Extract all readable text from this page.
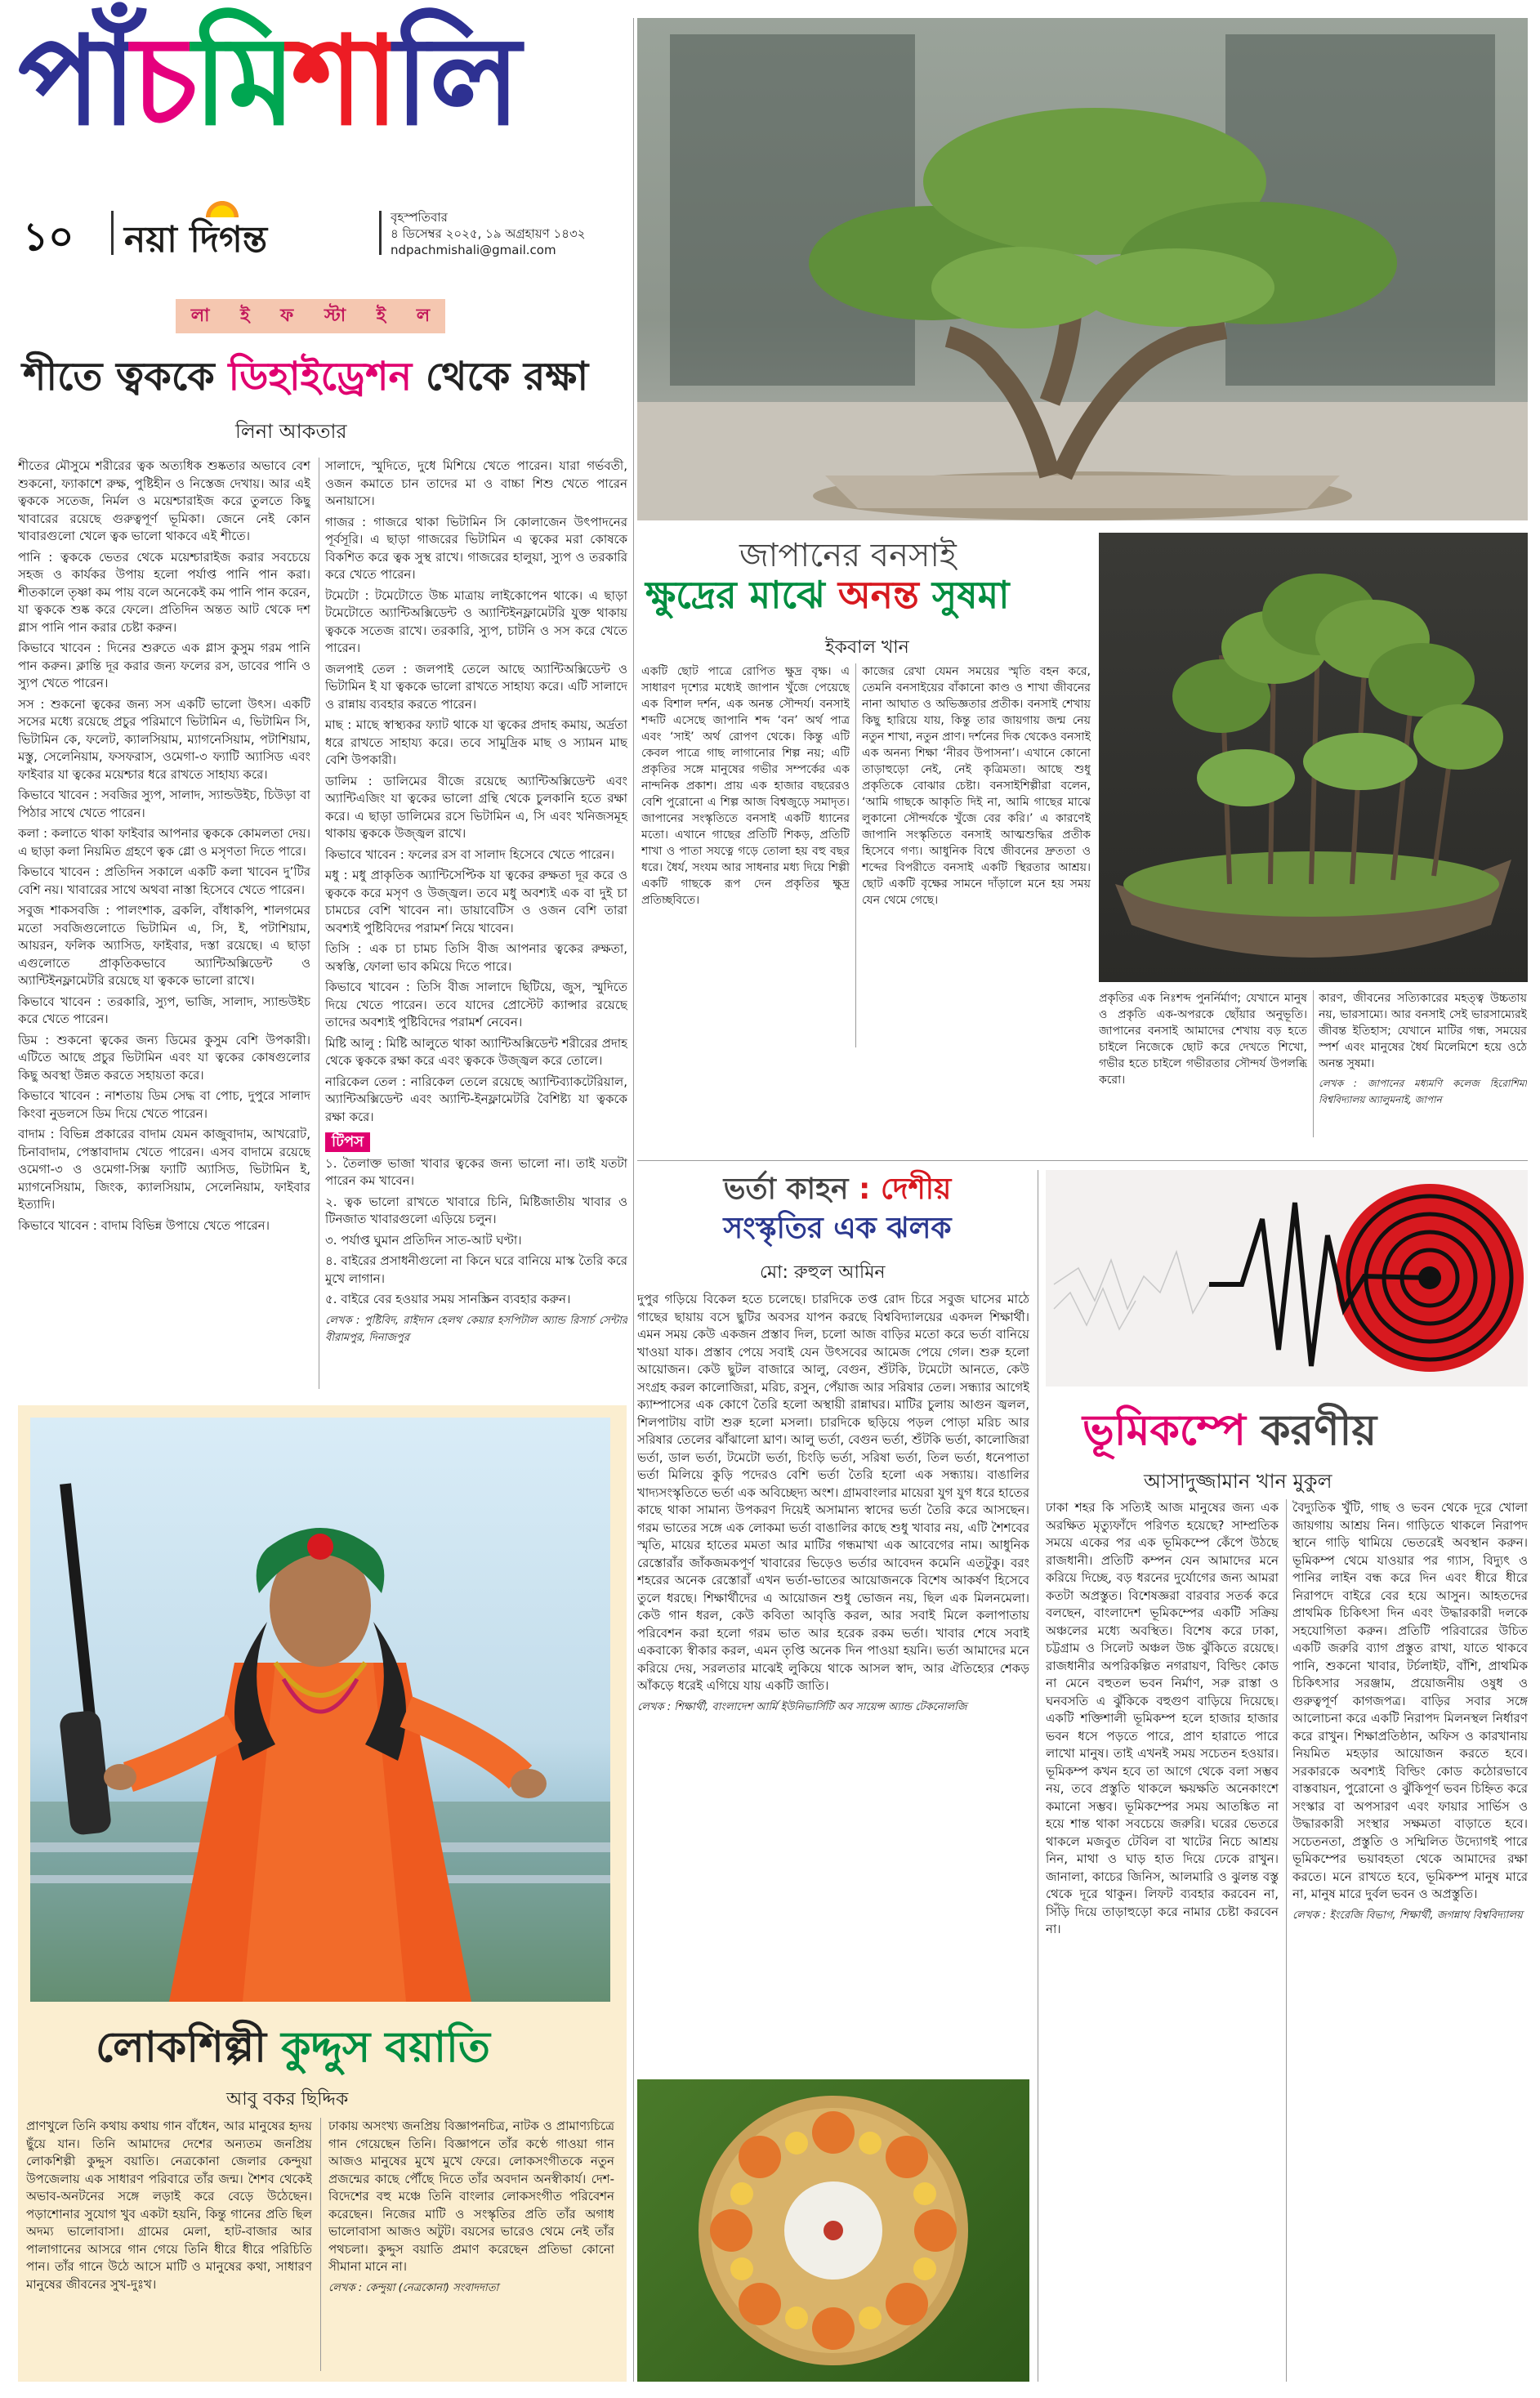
পাঁ চ মি শা লি
১০ নয়া দিগন্ত
বৃহস্পতিবার
৪ ডিসেম্বর ২০২৫, ১৯ অগ্রহায়ণ ১৪৩২
ndpachmishali@gmail.com
লা ই ফ স্টা ই ল
শীতে ত্বককে ডিহাইড্রেশন থেকে রক্ষা
লিনা আকতার

শীতের মৌসুমে শরীরের ত্বক অত্যধিক শুষ্কতার অভাবে বেশ শুকনো, ফ্যাকাশে রুক্ষ, পুষ্টিহীন ও নিস্তেজ দেখায়। আর এই ত্বককে সতেজ, নির্মল ও ময়েশ্চারাইজ করে তুলতে কিছু খাবারের রয়েছে গুরুত্বপূর্ণ ভূমিকা। জেনে নেই কোন খাবারগুলো খেলে ত্বক ভালো থাকবে এই শীতে।

পানি : ত্বককে ভেতর থেকে ময়েশ্চারাইজ করার সবচেয়ে সহজ ও কার্যকর উপায় হলো পর্যাপ্ত পানি পান করা। শীতকালে তৃষ্ণা কম পায় বলে অনেকেই কম পানি পান করেন, যা ত্বককে শুষ্ক করে ফেলে। প্রতিদিন অন্তত আট থেকে দশ গ্লাস পানি পান করার চেষ্টা করুন।

কিভাবে খাবেন : দিনের শুরুতে এক গ্লাস কুসুম গরম পানি পান করুন। ক্লান্তি দূর করার জন্য ফলের রস, ডাবের পানি ও স্যুপ খেতে পারেন।

সস : শুকনো ত্বকের জন্য সস একটি ভালো উৎস। একটি সসের মধ্যে রয়েছে প্রচুর পরিমাণে ভিটামিন এ, ভিটামিন সি, ভিটামিন কে, ফলেট, ক্যালসিয়াম, ম্যাগনেসিয়াম, পটাশিয়াম, মস্তু, সেলেনিয়াম, ফসফরাস, ওমেগা-৩ ফ্যাটি অ্যাসিড এবং ফাইবার যা ত্বকের ময়েশ্চার ধরে রাখতে সাহায্য করে।

কিভাবে খাবেন : সবজির স্যুপ, সালাদ, স্যান্ডউইচ, চিউড়া বা পিঠার সাথে খেতে পারেন।

কলা : কলাতে থাকা ফাইবার আপনার ত্বককে কোমলতা দেয়। এ ছাড়া কলা নিয়মিত গ্রহণে ত্বক গ্লো ও মসৃণতা দিতে পারে।

কিভাবে খাবেন : প্রতিদিন সকালে একটি কলা খাবেন দু’টির বেশি নয়। খাবারের সাথে অথবা নাস্তা হিসেবে খেতে পারেন।

সবুজ শাকসবজি : পালংশাক, ব্রকলি, বাঁধাকপি, শালগমের মতো সবজিগুলোতে ভিটামিন এ, সি, ই, পটাশিয়াম, আয়রন, ফলিক অ্যাসিড, ফাইবার, দস্তা রয়েছে। এ ছাড়া এগুলোতে প্রাকৃতিকভাবে অ্যান্টিঅক্সিডেন্ট ও অ্যান্টিইনফ্লামেটরি রয়েছে যা ত্বককে ভালো রাখে।

কিভাবে খাবেন : তরকারি, স্যুপ, ভাজি, সালাদ, স্যান্ডউইচ করে খেতে পারেন।

ডিম : শুকনো ত্বকের জন্য ডিমের কুসুম বেশি উপকারী। এটিতে আছে প্রচুর ভিটামিন এবং যা ত্বকের কোষগুলোর কিছু অবস্থা উন্নত করতে সহায়তা করে।

কিভাবে খাবেন : নাশতায় ডিম সেদ্ধ বা পোচ, দুপুরে সালাদ কিংবা নুডলসে ডিম দিয়ে খেতে পারেন।

বাদাম : বিভিন্ন প্রকারের বাদাম যেমন কাজুবাদাম, আখরোট, চিনাবাদাম, পেস্তাবাদাম খেতে পারেন। এসব বাদামে রয়েছে ওমেগা-৩ ও ওমেগা-সিক্স ফ্যাটি অ্যাসিড, ভিটামিন ই, ম্যাগনেসিয়াম, জিংক, ক্যালসিয়াম, সেলেনিয়াম, ফাইবার ইত্যাদি।

কিভাবে খাবেন : বাদাম বিভিন্ন উপায়ে খেতে পারেন।

সালাদে, স্মুদিতে, দুধে মিশিয়ে খেতে পারেন। যারা গর্ভবতী, ওজন কমাতে চান তাদের মা ও বাচ্চা শিশু খেতে পারেন অনায়াসে।

গাজর : গাজরে থাকা ভিটামিন সি কোলাজেন উৎপাদনের পূর্বসূরি। এ ছাড়া গাজরের ভিটামিন এ ত্বকের মরা কোষকে বিকশিত করে ত্বক সুস্থ রাখে। গাজরের হালুয়া, স্যুপ ও তরকারি করে খেতে পারেন।

টমেটো : টমেটোতে উচ্চ মাত্রায় লাইকোপেন থাকে। এ ছাড়া টমেটোতে অ্যান্টিঅক্সিডেন্ট ও অ্যান্টিইনফ্লামেটরি যুক্ত থাকায় ত্বককে সতেজ রাখে। তরকারি, স্যুপ, চাটনি ও সস করে খেতে পারেন।

জলপাই তেল : জলপাই তেলে আছে অ্যান্টিঅক্সিডেন্ট ও ভিটামিন ই যা ত্বককে ভালো রাখতে সাহায্য করে। এটি সালাদে ও রান্নায় ব্যবহার করতে পারেন।

মাছ : মাছে স্বাস্থ্যকর ফ্যাট থাকে যা ত্বকের প্রদাহ কমায়, অর্দ্রতা ধরে রাখতে সাহায্য করে। তবে সামুদ্রিক মাছ ও স্যামন মাছ বেশি উপকারী।

ডালিম : ডালিমের বীজে রয়েছে অ্যান্টিঅক্সিডেন্ট এবং অ্যান্টিএজিং যা ত্বকের ভালো গ্রন্থি থেকে চুলকানি হতে রক্ষা করে। এ ছাড়া ডালিমের রসে ভিটামিন এ, সি এবং খনিজসমূহ থাকায় ত্বককে উজ্জ্বল রাখে।

কিভাবে খাবেন : ফলের রস বা সালাদ হিসেবে খেতে পারেন।

মধু : মধু প্রাকৃতিক অ্যান্টিসেপ্টিক যা ত্বকের রুক্ষতা দূর করে ও ত্বককে করে মসৃণ ও উজ্জ্বল। তবে মধু অবশ্যই এক বা দুই চা চামচের বেশি খাবেন না। ডায়াবেটিস ও ওজন বেশি তারা অবশ্যই পুষ্টিবিদের পরামর্শ নিয়ে খাবেন।

তিসি : এক চা চামচ তিসি বীজ আপনার ত্বকের রুক্ষতা, অস্বস্তি, ফোলা ভাব কমিয়ে দিতে পারে।

কিভাবে খাবেন : তিসি বীজ সালাদে ছিটিয়ে, জুস, স্মুদিতে দিয়ে খেতে পারেন। তবে যাদের প্রোস্টেট ক্যান্সার রয়েছে তাদের অবশ্যই পুষ্টিবিদের পরামর্শ নেবেন।

মিষ্টি আলু : মিষ্টি আলুতে থাকা অ্যান্টিঅক্সিডেন্ট শরীরের প্রদাহ থেকে ত্বককে রক্ষা করে এবং ত্বককে উজ্জ্বল করে তোলে।

নারিকেল তেল : নারিকেল তেলে রয়েছে অ্যান্টিব্যাকটেরিয়াল, অ্যান্টিঅক্সিডেন্ট এবং অ্যান্টি-ইনফ্লামেটরি বৈশিষ্ট্য যা ত্বককে রক্ষা করে।

টিপস

১. তৈলাক্ত ভাজা খাবার ত্বকের জন্য ভালো না। তাই যতটা পারেন কম খাবেন।

২. ত্বক ভালো রাখতে খাবারে চিনি, মিষ্টিজাতীয় খাবার ও টিনজাত খাবারগুলো এড়িয়ে চলুন।

৩. পর্যাপ্ত ঘুমান প্রতিদিন সাত-আট ঘণ্টা।

৪. বাইরের প্রসাধনীগুলো না কিনে ঘরে বানিয়ে মাস্ক তৈরি করে মুখে লাগান।

৫. বাইরে বের হওয়ার সময় সানস্ক্রিন ব্যবহার করুন।

লেখক : পুষ্টিবিদ, রাইদান হেলথ কেয়ার হসপিটাল অ্যান্ড রিসার্চ সেন্টার বীরামপুর, দিনাজপুর

লোকশিল্পী কুদ্দুস বয়াতি
আবু বকর ছিদ্দিক

প্রাণখুলে তিনি কথায় কথায় গান বাঁধেন, আর মানুষের হৃদয় ছুঁয়ে যান। তিনি আমাদের দেশের অন্যতম জনপ্রিয় লোকশিল্পী কুদ্দুস বয়াতি। নেত্রকোনা জেলার কেন্দুয়া উপজেলায় এক সাধারণ পরিবারে তাঁর জন্ম। শৈশব থেকেই অভাব-অনটনের সঙ্গে লড়াই করে বেড়ে উঠেছেন। পড়াশোনার সুযোগ খুব একটা হয়নি, কিন্তু গানের প্রতি ছিল অদম্য ভালোবাসা। গ্রামের মেলা, হাট-বাজার আর পালাগানের আসরে গান গেয়ে তিনি ধীরে ধীরে পরিচিতি পান। তাঁর গানে উঠে আসে মাটি ও মানুষের কথা, সাধারণ মানুষের জীবনের সুখ-দুঃখ।

ঢাকায় অসংখ্য জনপ্রিয় বিজ্ঞাপনচিত্র, নাটক ও প্রামাণ্যচিত্রে গান গেয়েছেন তিনি। বিজ্ঞাপনে তাঁর কণ্ঠে গাওয়া গান আজও মানুষের মুখে মুখে ফেরে। লোকসংগীতকে নতুন প্রজন্মের কাছে পৌঁছে দিতে তাঁর অবদান অনস্বীকার্য। দেশ-বিদেশের বহু মঞ্চে তিনি বাংলার লোকসংগীত পরিবেশন করেছেন। নিজের মাটি ও সংস্কৃতির প্রতি তাঁর অগাধ ভালোবাসা আজও অটুট। বয়সের ভারেও থেমে নেই তাঁর পথচলা। কুদ্দুস বয়াতি প্রমাণ করেছেন প্রতিভা কোনো সীমানা মানে না।

লেখক : কেন্দুয়া (নেত্রকোনা) সংবাদদাতা

জাপানের বনসাই
ক্ষুদ্রের মাঝে অনন্ত সুষমা
ইকবাল খান

একটি ছোট পাত্রে রোপিত ক্ষুদ্র বৃক্ষ। এ সাধারণ দৃশ্যের মধ্যেই জাপান খুঁজে পেয়েছে এক বিশাল দর্শন, এক অনন্ত সৌন্দর্য। বনসাই শব্দটি এসেছে জাপানি শব্দ ‘বন’ অর্থ পাত্র এবং ‘সাই’ অর্থ রোপণ থেকে। কিন্তু এটি কেবল পাত্রে গাছ লাগানোর শিল্প নয়; এটি প্রকৃতির সঙ্গে মানুষের গভীর সম্পর্কের এক নান্দনিক প্রকাশ। প্রায় এক হাজার বছরেরও বেশি পুরোনো এ শিল্প আজ বিশ্বজুড়ে সমাদৃত। জাপানের সংস্কৃতিতে বনসাই একটি ধ্যানের মতো। এখানে গাছের প্রতিটি শিকড়, প্রতিটি শাখা ও পাতা সযত্নে গড়ে তোলা হয় বহু বছর ধরে। ধৈর্য, সংযম আর সাধনার মধ্য দিয়ে শিল্পী একটি গাছকে রূপ দেন প্রকৃতির ক্ষুদ্র প্রতিচ্ছবিতে।

কাজের রেখা যেমন সময়ের স্মৃতি বহন করে, তেমনি বনসাইয়ের বাঁকানো কাণ্ড ও শাখা জীবনের নানা আঘাত ও অভিজ্ঞতার প্রতীক। বনসাই শেখায় কিছু হারিয়ে যায়, কিন্তু তার জায়গায় জন্ম নেয় নতুন শাখা, নতুন প্রাণ। দর্শনের দিক থেকেও বনসাই এক অনন্য শিক্ষা ‘নীরব উপাসনা’। এখানে কোনো তাড়াহুড়ো নেই, নেই কৃত্রিমতা। আছে শুধু প্রকৃতিকে বোঝার চেষ্টা। বনসাইশিল্পীরা বলেন, ‘আমি গাছকে আকৃতি দিই না, আমি গাছের মাঝে লুকানো সৌন্দর্যকে খুঁজে বের করি।’ এ কারণেই জাপানি সংস্কৃতিতে বনসাই আত্মশুদ্ধির প্রতীক হিসেবে গণ্য। আধুনিক বিশ্বে জীবনের দ্রুততা ও শব্দের বিপরীতে বনসাই একটি স্থিরতার আশ্রয়। ছোট একটি বৃক্ষের সামনে দাঁড়ালে মনে হয় সময় যেন থেমে গেছে।

প্রকৃতির এক নিঃশব্দ পুনর্নির্মাণ; যেখানে মানুষ ও প্রকৃতি এক-অপরকে ছোঁয়ার অনুভূতি। জাপানের বনসাই আমাদের শেখায় বড় হতে চাইলে নিজেকে ছোট করে দেখতে শিখো, গভীর হতে চাইলে গভীরতার সৌন্দর্য উপলব্ধি করো।

কারণ, জীবনের সত্যিকারের মহত্ত্ব উচ্চতায় নয়, ভারসাম্যে। আর বনসাই সেই ভারসাম্যেরই জীবন্ত ইতিহাস; যেখানে মাটির গন্ধ, সময়ের স্পর্শ এবং মানুষের ধৈর্য মিলেমিশে হয়ে ওঠে অনন্ত সুষমা।

লেখক : জাপানের মধ্যমণি কলেজ হিরোশিমা বিশ্ববিদ্যালয় অ্যালুমনাই, জাপান

ভর্তা কাহন : দেশীয়
সংস্কৃতির এক ঝলক
মো: রুহুল আমিন

দুপুর গড়িয়ে বিকেল হতে চলেছে। চারদিকে তপ্ত রোদ চিরে সবুজ ঘাসের মাঠে গাছের ছায়ায় বসে ছুটির অবসর যাপন করছে বিশ্ববিদ্যালয়ের একদল শিক্ষার্থী। এমন সময় কেউ একজন প্রস্তাব দিল, চলো আজ বাড়ির মতো করে ভর্তা বানিয়ে খাওয়া যাক। প্রস্তাব পেয়ে সবাই যেন উৎসবের আমেজ পেয়ে গেল। শুরু হলো আয়োজন। কেউ ছুটল বাজারে আলু, বেগুন, শুঁটকি, টমেটো আনতে, কেউ সংগ্রহ করল কালোজিরা, মরিচ, রসুন, পেঁয়াজ আর সরিষার তেল। সন্ধ্যার আগেই ক্যাম্পাসের এক কোণে তৈরি হলো অস্থায়ী রান্নাঘর। মাটির চুলায় আগুন জ্বলল, শিলপাটায় বাটা শুরু হলো মসলা। চারদিকে ছড়িয়ে পড়ল পোড়া মরিচ আর সরিষার তেলের ঝাঁঝালো ঘ্রাণ। আলু ভর্তা, বেগুন ভর্তা, শুঁটকি ভর্তা, কালোজিরা ভর্তা, ডাল ভর্তা, টমেটো ভর্তা, চিংড়ি ভর্তা, সরিষা ভর্তা, তিল ভর্তা, ধনেপাতা ভর্তা মিলিয়ে কুড়ি পদেরও বেশি ভর্তা তৈরি হলো এক সন্ধ্যায়। বাঙালির খাদ্যসংস্কৃতিতে ভর্তা এক অবিচ্ছেদ্য অংশ। গ্রামবাংলার মায়েরা যুগ যুগ ধরে হাতের কাছে থাকা সামান্য উপকরণ দিয়েই অসামান্য স্বাদের ভর্তা তৈরি করে আসছেন। গরম ভাতের সঙ্গে এক লোকমা ভর্তা বাঙালির কাছে শুধু খাবার নয়, এটি শৈশবের স্মৃতি, মায়ের হাতের মমতা আর মাটির গন্ধমাখা এক আবেগের নাম। আধুনিক রেস্তোরাঁর জাঁকজমকপূর্ণ খাবারের ভিড়েও ভর্তার আবেদন কমেনি এতটুকু। বরং শহরের অনেক রেস্তোরাঁ এখন ভর্তা-ভাতের আয়োজনকে বিশেষ আকর্ষণ হিসেবে তুলে ধরছে। শিক্ষার্থীদের এ আয়োজন শুধু ভোজন নয়, ছিল এক মিলনমেলা। কেউ গান ধরল, কেউ কবিতা আবৃত্তি করল, আর সবাই মিলে কলাপাতায় পরিবেশন করা হলো গরম ভাত আর হরেক রকম ভর্তা। খাবার শেষে সবাই একবাক্যে স্বীকার করল, এমন তৃপ্তি অনেক দিন পাওয়া হয়নি। ভর্তা আমাদের মনে করিয়ে দেয়, সরলতার মাঝেই লুকিয়ে থাকে আসল স্বাদ, আর ঐতিহ্যের শেকড় আঁকড়ে ধরেই এগিয়ে যায় একটি জাতি।

লেখক : শিক্ষার্থী, বাংলাদেশ আর্মি ইউনিভার্সিটি অব সায়েন্স অ্যান্ড টেকনোলজি

ভূমিকম্পে করণীয়
আসাদুজ্জামান খান মুকুল

ঢাকা শহর কি সত্যিই আজ মানুষের জন্য এক অরক্ষিত মৃত্যুফাঁদে পরিণত হয়েছে? সাম্প্রতিক সময়ে একের পর এক ভূমিকম্পে কেঁপে উঠছে রাজধানী। প্রতিটি কম্পন যেন আমাদের মনে করিয়ে দিচ্ছে, বড় ধরনের দুর্যোগের জন্য আমরা কতটা অপ্রস্তুত। বিশেষজ্ঞরা বারবার সতর্ক করে বলছেন, বাংলাদেশ ভূমিকম্পের একটি সক্রিয় অঞ্চলের মধ্যে অবস্থিত। বিশেষ করে ঢাকা, চট্টগ্রাম ও সিলেট অঞ্চল উচ্চ ঝুঁকিতে রয়েছে। রাজধানীর অপরিকল্পিত নগরায়ণ, বিল্ডিং কোড না মেনে বহুতল ভবন নির্মাণ, সরু রাস্তা ও ঘনবসতি এ ঝুঁকিকে বহুগুণ বাড়িয়ে দিয়েছে। একটি শক্তিশালী ভূমিকম্প হলে হাজার হাজার ভবন ধসে পড়তে পারে, প্রাণ হারাতে পারে লাখো মানুষ। তাই এখনই সময় সচেতন হওয়ার। ভূমিকম্প কখন হবে তা আগে থেকে বলা সম্ভব নয়, তবে প্রস্তুতি থাকলে ক্ষয়ক্ষতি অনেকাংশে কমানো সম্ভব। ভূমিকম্পের সময় আতঙ্কিত না হয়ে শান্ত থাকা সবচেয়ে জরুরি। ঘরের ভেতরে থাকলে মজবুত টেবিল বা খাটের নিচে আশ্রয় নিন, মাথা ও ঘাড় হাত দিয়ে ঢেকে রাখুন। জানালা, কাচের জিনিস, আলমারি ও ঝুলন্ত বস্তু থেকে দূরে থাকুন। লিফট ব্যবহার করবেন না, সিঁড়ি দিয়ে তাড়াহুড়ো করে নামার চেষ্টা করবেন না।

বৈদ্যুতিক খুঁটি, গাছ ও ভবন থেকে দূরে খোলা জায়গায় আশ্রয় নিন। গাড়িতে থাকলে নিরাপদ স্থানে গাড়ি থামিয়ে ভেতরেই অবস্থান করুন। ভূমিকম্প থেমে যাওয়ার পর গ্যাস, বিদ্যুৎ ও পানির লাইন বন্ধ করে দিন এবং ধীরে ধীরে নিরাপদে বাইরে বের হয়ে আসুন। আহতদের প্রাথমিক চিকিৎসা দিন এবং উদ্ধারকারী দলকে সহযোগিতা করুন। প্রতিটি পরিবারের উচিত একটি জরুরি ব্যাগ প্রস্তুত রাখা, যাতে থাকবে পানি, শুকনো খাবার, টর্চলাইট, বাঁশি, প্রাথমিক চিকিৎসার সরঞ্জাম, প্রয়োজনীয় ওষুধ ও গুরুত্বপূর্ণ কাগজপত্র। বাড়ির সবার সঙ্গে আলোচনা করে একটি নিরাপদ মিলনস্থল নির্ধারণ করে রাখুন। শিক্ষাপ্রতিষ্ঠান, অফিস ও কারখানায় নিয়মিত মহড়ার আয়োজন করতে হবে। সরকারকে অবশ্যই বিল্ডিং কোড কঠোরভাবে বাস্তবায়ন, পুরোনো ও ঝুঁকিপূর্ণ ভবন চিহ্নিত করে সংস্কার বা অপসারণ এবং ফায়ার সার্ভিস ও উদ্ধারকারী সংস্থার সক্ষমতা বাড়াতে হবে। সচেতনতা, প্রস্তুতি ও সম্মিলিত উদ্যোগই পারে ভূমিকম্পের ভয়াবহতা থেকে আমাদের রক্ষা করতে। মনে রাখতে হবে, ভূমিকম্প মানুষ মারে না, মানুষ মারে দুর্বল ভবন ও অপ্রস্তুতি।

লেখক : ইংরেজি বিভাগ, শিক্ষার্থী, জগন্নাথ বিশ্ববিদ্যালয়
